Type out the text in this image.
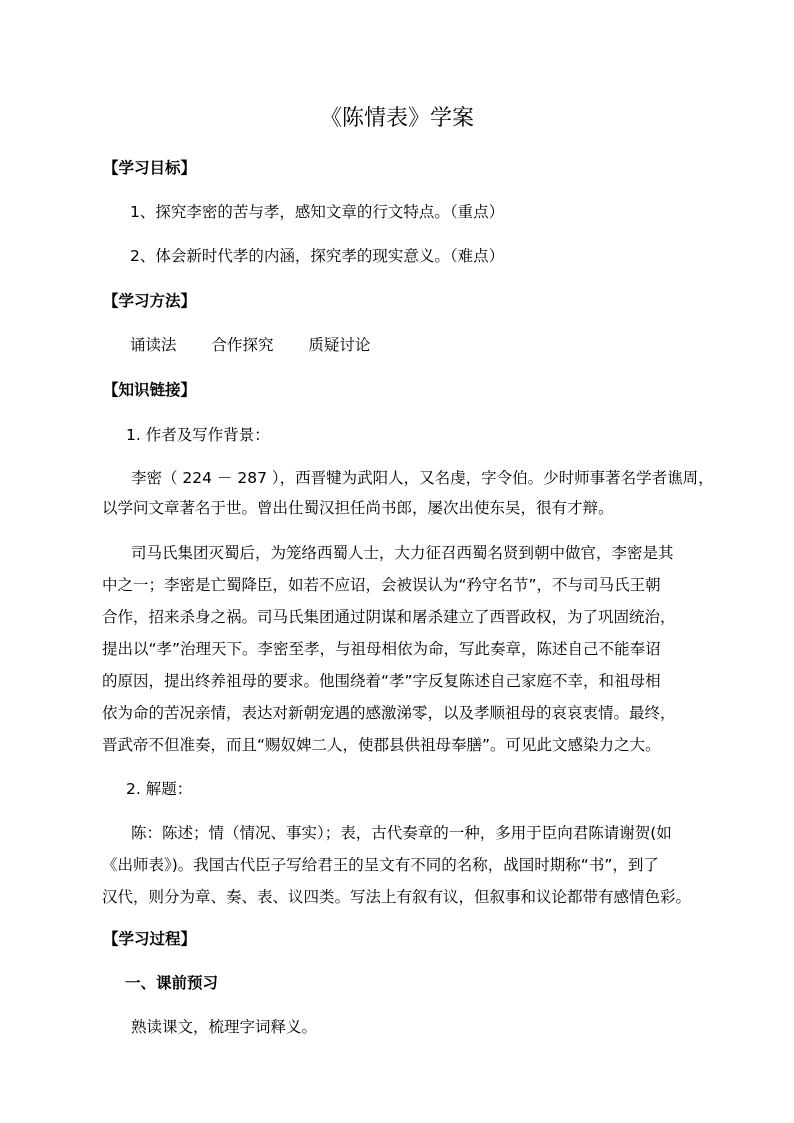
《陈情表》学案
【学习目标】
1、探究李密的苦与孝，感知文章的行文特点。（重点）
2、体会新时代孝的内涵，探究孝的现实意义。（难点）
【学习方法】
诵读法 合作探究 质疑讨论
【知识链接】
1. 作者及写作背景：
李密（ 224 － 287 ），西晋犍为武阳人，又名虔，字令伯。少时师事著名学者谯周，
以学问文章著名于世。曾出仕蜀汉担任尚书郎，屡次出使东吴，很有才辩。
司马氏集团灭蜀后，为笼络西蜀人士，大力征召西蜀名贤到朝中做官，李密是其
中之一；李密是亡蜀降臣，如若不应诏，会被误认为“矜守名节”，不与司马氏王朝
合作，招来杀身之祸。司马氏集团通过阴谋和屠杀建立了西晋政权，为了巩固统治，
提出以“孝”治理天下。李密至孝，与祖母相依为命，写此奏章，陈述自己不能奉诏
的原因，提出终养祖母的要求。他围绕着“孝”字反复陈述自己家庭不幸，和祖母相
依为命的苦况亲情，表达对新朝宠遇的感激涕零，以及孝顺祖母的哀哀衷情。最终，
晋武帝不但准奏，而且“赐奴婢二人，使郡县供祖母奉膳”。可见此文感染力之大。
2. 解题：
陈：陈述；情（情况、事实）；表，古代奏章的一种，多用于臣向君陈请谢贺(如
《出师表》)。我国古代臣子写给君王的呈文有不同的名称，战国时期称“书”，到了
汉代，则分为章、奏、表、议四类。写法上有叙有议，但叙事和议论都带有感情色彩。
【学习过程】
一、课前预习
熟读课文，梳理字词释义。
